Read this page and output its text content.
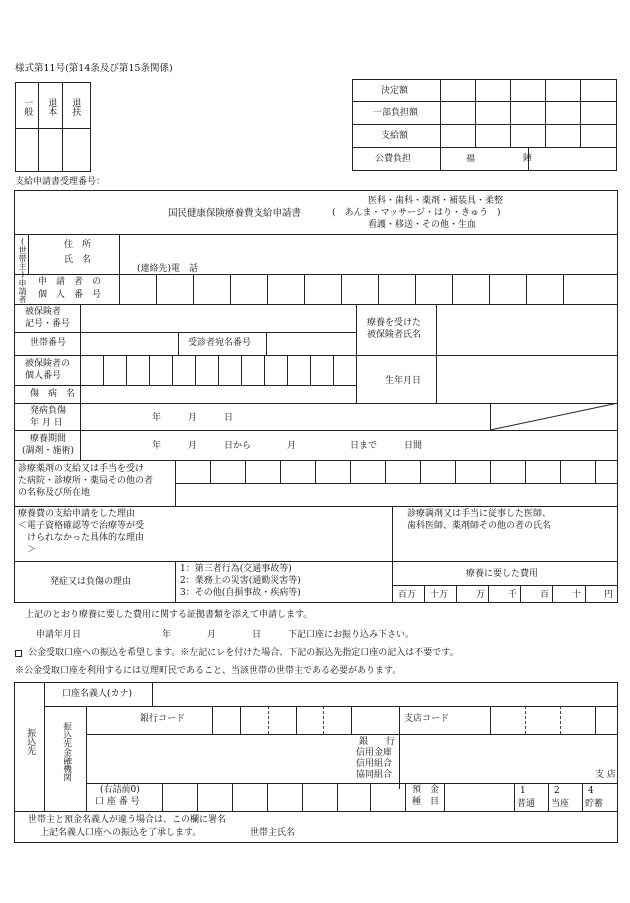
様式第11号(第14条及び第15条関係)
一般 退本 退扶
決定額
一部負担額
支給額
公費負担	福	障
支給申請書受理番号：
国民健康保険療養費支給申請書
医科・歯科・薬剤・補装具・柔整
(　あんま・マッサージ・はり・きゅう　)
看護・移送・その他・生血
(世帯主)申請者	住　所
氏　名
(連絡先)電　話
申　請　者　の
個　人　番　号
被保険者
記号・番号	療養を受けた
被保険者氏名
世帯番号	受診者宛名番号
被保険者の
個人番号	生年月日
傷　病　名
発病負傷
年 月 日	年　　　月　　　日
療養期間
(調剤・施術)	年　　　月　　　日から　　　　月　　　　　　日まで　　　日間
診療薬剤の支給又は手当を受け
た病院・診療所・薬局その他の者
の名称及び所在地
療養費の支給申請をした理由
＜電子資格確認等で治療等が受
　けられなかった具体的な理由
　＞
診療調剤又は手当に従事した医師、
歯科医師、薬剤師その他の者の氏名
発症又は負傷の理由
1：第三者行為(交通事故等)
2：業務上の災害(通勤災害等)
3：その他(自損事故・疾病等)
療養に要した費用
百万 十万	万	千	百	十	円
上記のとおり療養に要した費用に関する証拠書類を添えて申請します。
申請年月日　　　　　　　　　年　　　　月　　　　日　　　下記口座にお振り込み下さい。
公金受取口座への振込を希望します。※左記にレを付けた場合、下記の振込先指定口座の記入は不要です。
※公金受取口座を利用するには豆理町民であること、当該世帯の世帯主である必要があります。
振込先
口座名義人(カナ)
振込先金融機関
銀行コード	支店コード
銀　　行
信用金庫
信用組合
協同組合	支 店
(右詰前0)
口 座 番 号
預　金
種　目
1
普通
2
当座
4
貯蓄
世帯主と預金名義人が違う場合は、この欄に署名
上記名義人口座への振込を了承します。	世帯主氏名
